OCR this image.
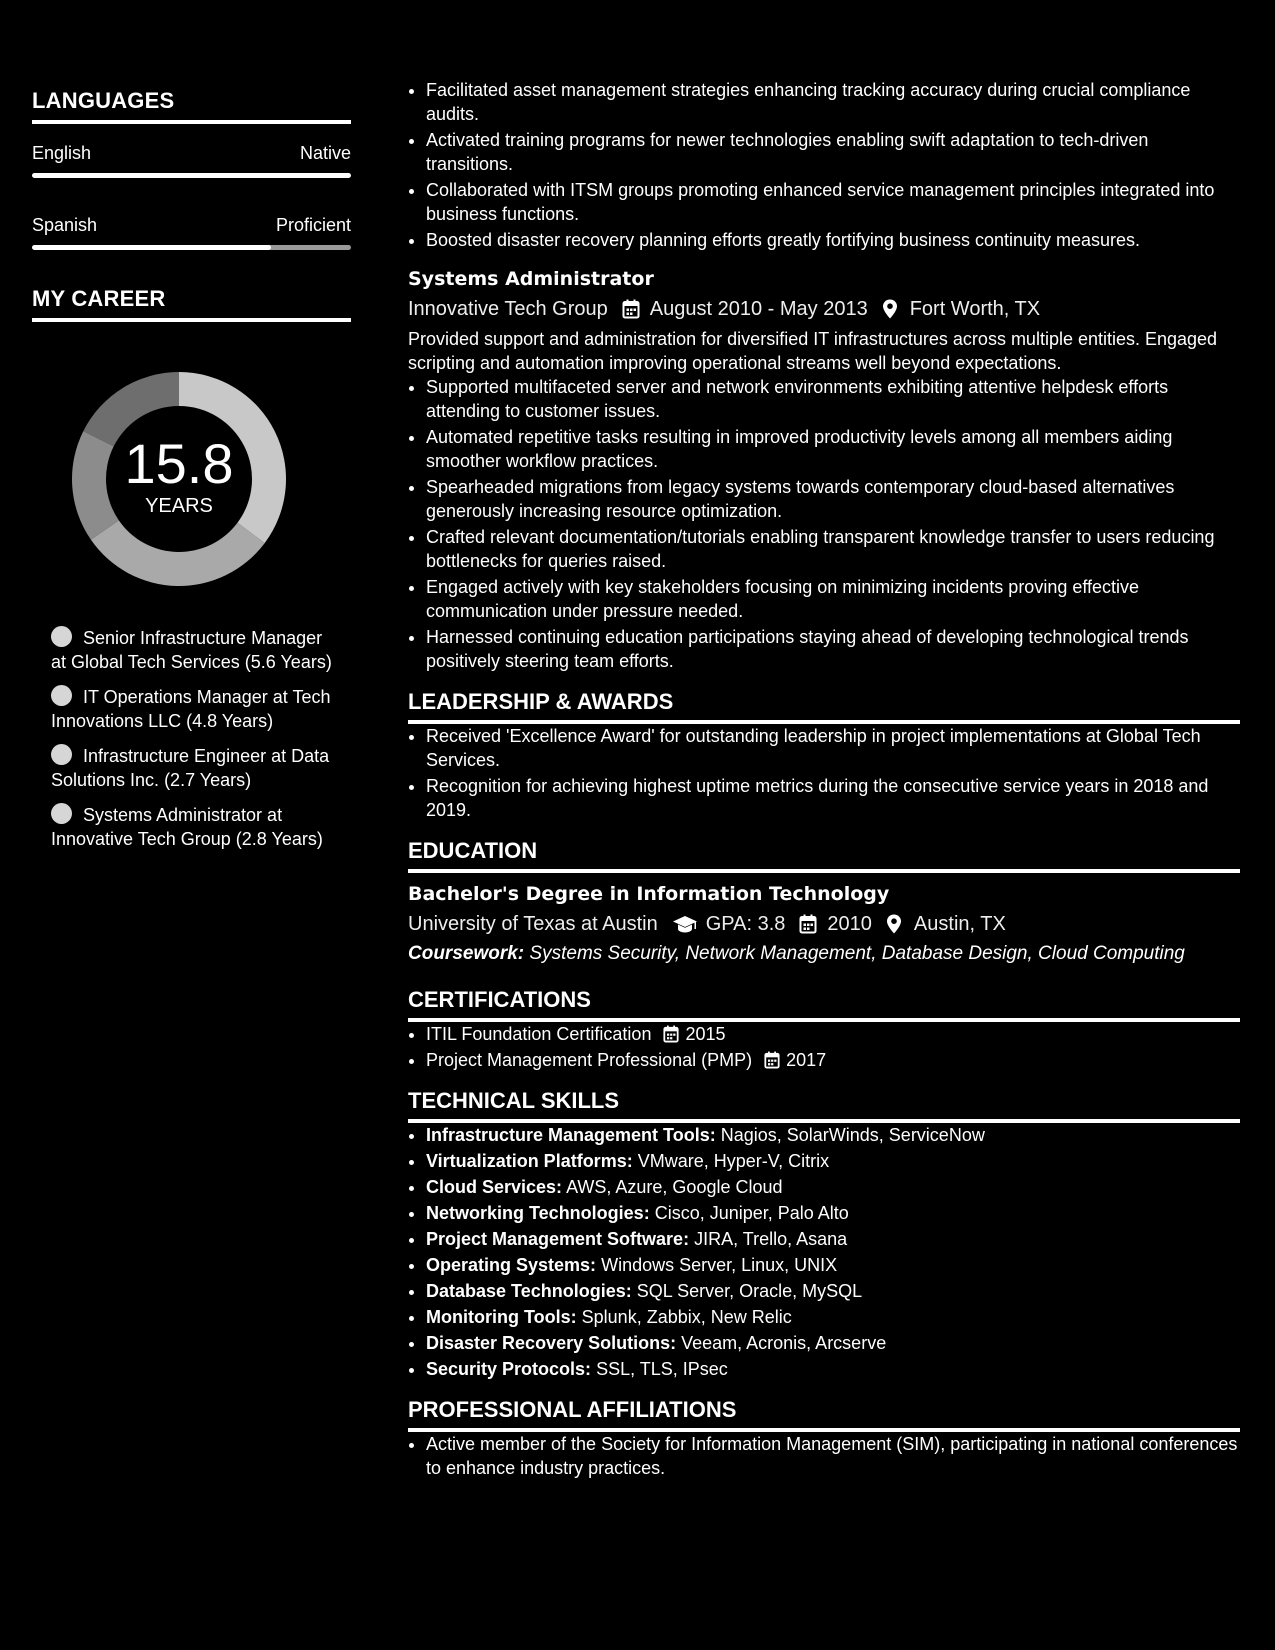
LANGUAGES
English	Native
Spanish	Proficient
MY CAREER
15.8
YEARS
Senior Infrastructure Manager at Global Tech Services (5.6 Years)
IT Operations Manager at Tech Innovations LLC (4.8 Years)
Infrastructure Engineer at Data Solutions Inc. (2.7 Years)
Systems Administrator at Innovative Tech Group (2.8 Years)
• Facilitated asset management strategies enhancing tracking accuracy during crucial compliance audits.
• Activated training programs for newer technologies enabling swift adaptation to tech-driven transitions.
• Collaborated with ITSM groups promoting enhanced service management principles integrated into business functions.
• Boosted disaster recovery planning efforts greatly fortifying business continuity measures.
Systems Administrator
Innovative Tech Group August 2010 - May 2013 Fort Worth, TX
Provided support and administration for diversified IT infrastructures across multiple entities. Engaged scripting and automation improving operational streams well beyond expectations.
• Supported multifaceted server and network environments exhibiting attentive helpdesk efforts attending to customer issues.
• Automated repetitive tasks resulting in improved productivity levels among all members aiding smoother workflow practices.
• Spearheaded migrations from legacy systems towards contemporary cloud-based alternatives generously increasing resource optimization.
• Crafted relevant documentation/tutorials enabling transparent knowledge transfer to users reducing bottlenecks for queries raised.
• Engaged actively with key stakeholders focusing on minimizing incidents proving effective communication under pressure needed.
• Harnessed continuing education participations staying ahead of developing technological trends positively steering team efforts.
LEADERSHIP & AWARDS
• Received 'Excellence Award' for outstanding leadership in project implementations at Global Tech Services.
• Recognition for achieving highest uptime metrics during the consecutive service years in 2018 and 2019.
EDUCATION
Bachelor's Degree in Information Technology
University of Texas at Austin GPA: 3.8 2010 Austin, TX
Coursework: Systems Security, Network Management, Database Design, Cloud Computing
CERTIFICATIONS
• ITIL Foundation Certification 2015
• Project Management Professional (PMP) 2017
TECHNICAL SKILLS
• Infrastructure Management Tools: Nagios, SolarWinds, ServiceNow
• Virtualization Platforms: VMware, Hyper-V, Citrix
• Cloud Services: AWS, Azure, Google Cloud
• Networking Technologies: Cisco, Juniper, Palo Alto
• Project Management Software: JIRA, Trello, Asana
• Operating Systems: Windows Server, Linux, UNIX
• Database Technologies: SQL Server, Oracle, MySQL
• Monitoring Tools: Splunk, Zabbix, New Relic
• Disaster Recovery Solutions: Veeam, Acronis, Arcserve
• Security Protocols: SSL, TLS, IPsec
PROFESSIONAL AFFILIATIONS
• Active member of the Society for Information Management (SIM), participating in national conferences to enhance industry practices.
